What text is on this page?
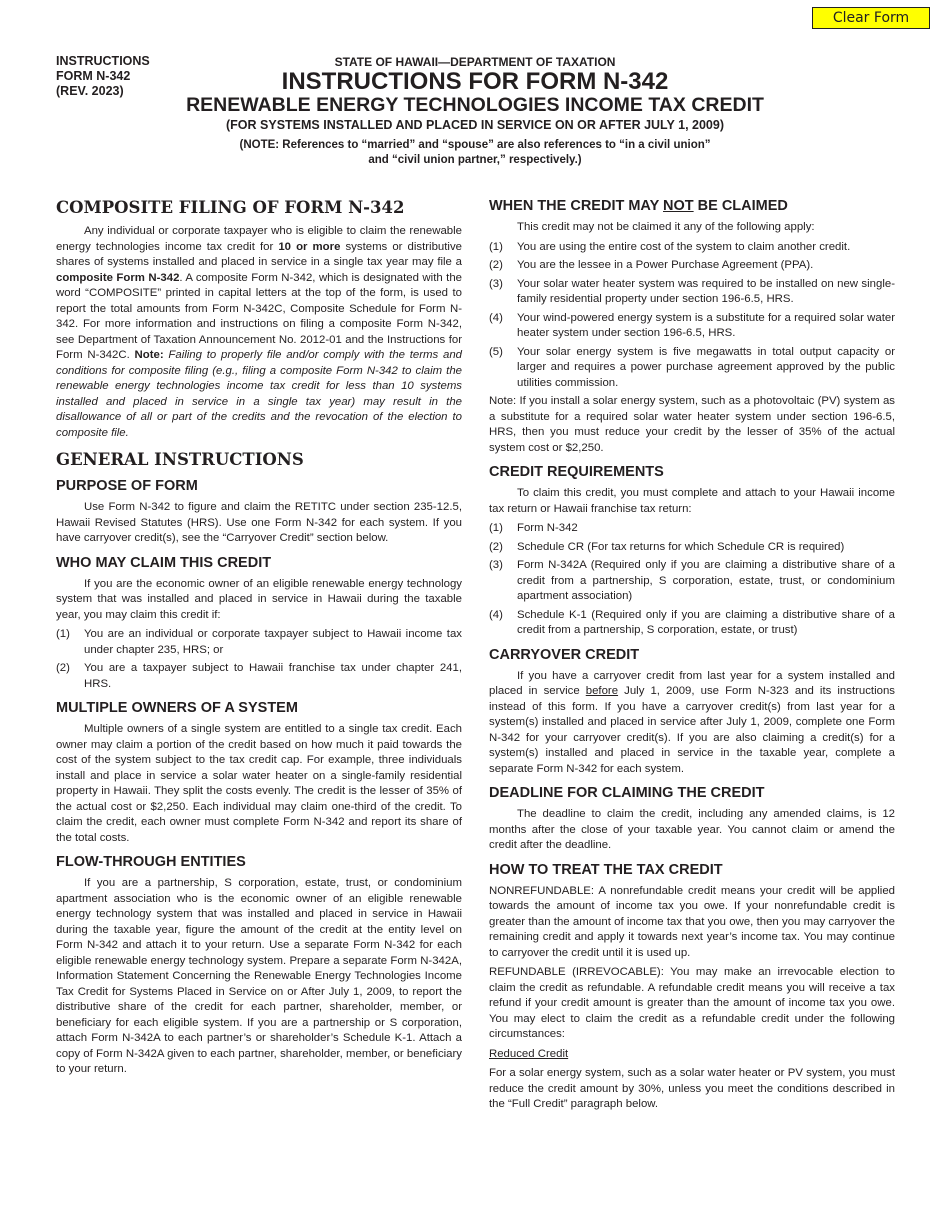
Clear Form
INSTRUCTIONS
FORM N-342
(REV. 2023)
STATE OF HAWAII—DEPARTMENT OF TAXATION
INSTRUCTIONS FOR FORM N-342
RENEWABLE ENERGY TECHNOLOGIES INCOME TAX CREDIT
(FOR SYSTEMS INSTALLED AND PLACED IN SERVICE ON OR AFTER JULY 1, 2009)
(NOTE: References to “married” and “spouse” are also references to “in a civil union”
and “civil union partner,” respectively.)
COMPOSITE FILING OF FORM N-342

Any individual or corporate taxpayer who is eligible to claim the renewable energy technologies income tax credit for 10 or more systems or distributive shares of systems installed and placed in service in a single tax year may file a composite Form N-342. A composite Form N-342, which is designated with the word “COMPOSITE” printed in capital letters at the top of the form, is used to report the total amounts from Form N-342C, Composite Schedule for Form N-342. For more information and instructions on filing a composite Form N-342, see Department of Taxation Announcement No. 2012-01 and the Instructions for Form N-342C. Note: Failing to properly file and/or comply with the terms and conditions for composite filing (e.g., filing a composite Form N-342 to claim the renewable energy technologies income tax credit for less than 10 systems installed and placed in service in a single tax year) may result in the disallowance of all or part of the credits and the revocation of the election to composite file.

GENERAL INSTRUCTIONS
PURPOSE OF FORM

Use Form N-342 to figure and claim the RETITC under section 235-12.5, Hawaii Revised Statutes (HRS). Use one Form N-342 for each system. If you have carryover credit(s), see the “Carryover Credit” section below.

WHO MAY CLAIM THIS CREDIT

If you are the economic owner of an eligible renewable energy technology system that was installed and placed in service in Hawaii during the taxable year, you may claim this credit if:

(1)	You are an individual or corporate taxpayer subject to Hawaii income tax under chapter 235, HRS; or
(2)	You are a taxpayer subject to Hawaii franchise tax under chapter 241, HRS.
MULTIPLE OWNERS OF A SYSTEM

Multiple owners of a single system are entitled to a single tax credit. Each owner may claim a portion of the credit based on how much it paid towards the cost of the system subject to the tax credit cap. For example, three individuals install and place in service a solar water heater on a single-family residential property in Hawaii. They split the costs evenly. The credit is the lesser of 35% of the actual cost or $2,250. Each individual may claim one-third of the credit. To claim the credit, each owner must complete Form N-342 and report its share of the total costs.

FLOW-THROUGH ENTITIES

If you are a partnership, S corporation, estate, trust, or condominium apartment association who is the economic owner of an eligible renewable energy technology system that was installed and placed in service in Hawaii during the taxable year, figure the amount of the credit at the entity level on Form N-342 and attach it to your return. Use a separate Form N-342 for each eligible renewable energy technology system. Prepare a separate Form N-342A, Information Statement Concerning the Renewable Energy Technologies Income Tax Credit for Systems Placed in Service on or After July 1, 2009, to report the distributive share of the credit for each partner, shareholder, member, or beneficiary for each eligible system. If you are a partnership or S corporation, attach Form N-342A to each partner’s or shareholder’s Schedule K-1. Attach a copy of Form N-342A given to each partner, shareholder, member, or beneficiary to your return.

WHEN THE CREDIT MAY NOT BE CLAIMED

This credit may not be claimed it any of the following apply:

(1)	You are using the entire cost of the system to claim another credit.
(2)	You are the lessee in a Power Purchase Agreement (PPA).
(3)	Your solar water heater system was required to be installed on new single-family residential property under section 196-6.5, HRS.
(4)	Your wind-powered energy system is a substitute for a required solar water heater system under section 196-6.5, HRS.
(5)	Your solar energy system is five megawatts in total output capacity or larger and requires a power purchase agreement approved by the public utilities commission.

Note: If you install a solar energy system, such as a photovoltaic (PV) system as a substitute for a required solar water heater system under section 196-6.5, HRS, then you must reduce your credit by the lesser of 35% of the actual system cost or $2,250.

CREDIT REQUIREMENTS

To claim this credit, you must complete and attach to your Hawaii income tax return or Hawaii franchise tax return:

(1)	Form N-342
(2)	Schedule CR (For tax returns for which Schedule CR is required)
(3)	Form N-342A (Required only if you are claiming a distributive share of a credit from a partnership, S corporation, estate, trust, or condominium apartment association)
(4)	Schedule K-1 (Required only if you are claiming a distributive share of a credit from a partnership, S corporation, estate, or trust)
CARRYOVER CREDIT

If you have a carryover credit from last year for a system installed and placed in service before July 1, 2009, use Form N-323 and its instructions instead of this form. If you have a carryover credit(s) from last year for a system(s) installed and placed in service after July 1, 2009, complete one Form N-342 for your carryover credit(s). If you are also claiming a credit(s) for a system(s) installed and placed in service in the taxable year, complete a separate Form N-342 for each system.

DEADLINE FOR CLAIMING THE CREDIT

The deadline to claim the credit, including any amended claims, is 12 months after the close of your taxable year. You cannot claim or amend the credit after the deadline.

HOW TO TREAT THE TAX CREDIT

NONREFUNDABLE: A nonrefundable credit means your credit will be applied towards the amount of income tax you owe. If your nonrefundable credit is greater than the amount of income tax that you owe, then you may carryover the remaining credit and apply it towards next year’s income tax. You may continue to carryover the credit until it is used up.

REFUNDABLE (IRREVOCABLE): You may make an irrevocable election to claim the credit as refundable. A refundable credit means you will receive a tax refund if your credit amount is greater than the amount of income tax you owe. You may elect to claim the credit as a refundable credit under the following circumstances:

Reduced Credit

For a solar energy system, such as a solar water heater or PV system, you must reduce the credit amount by 30%, unless you meet the conditions described in the “Full Credit” paragraph below.
